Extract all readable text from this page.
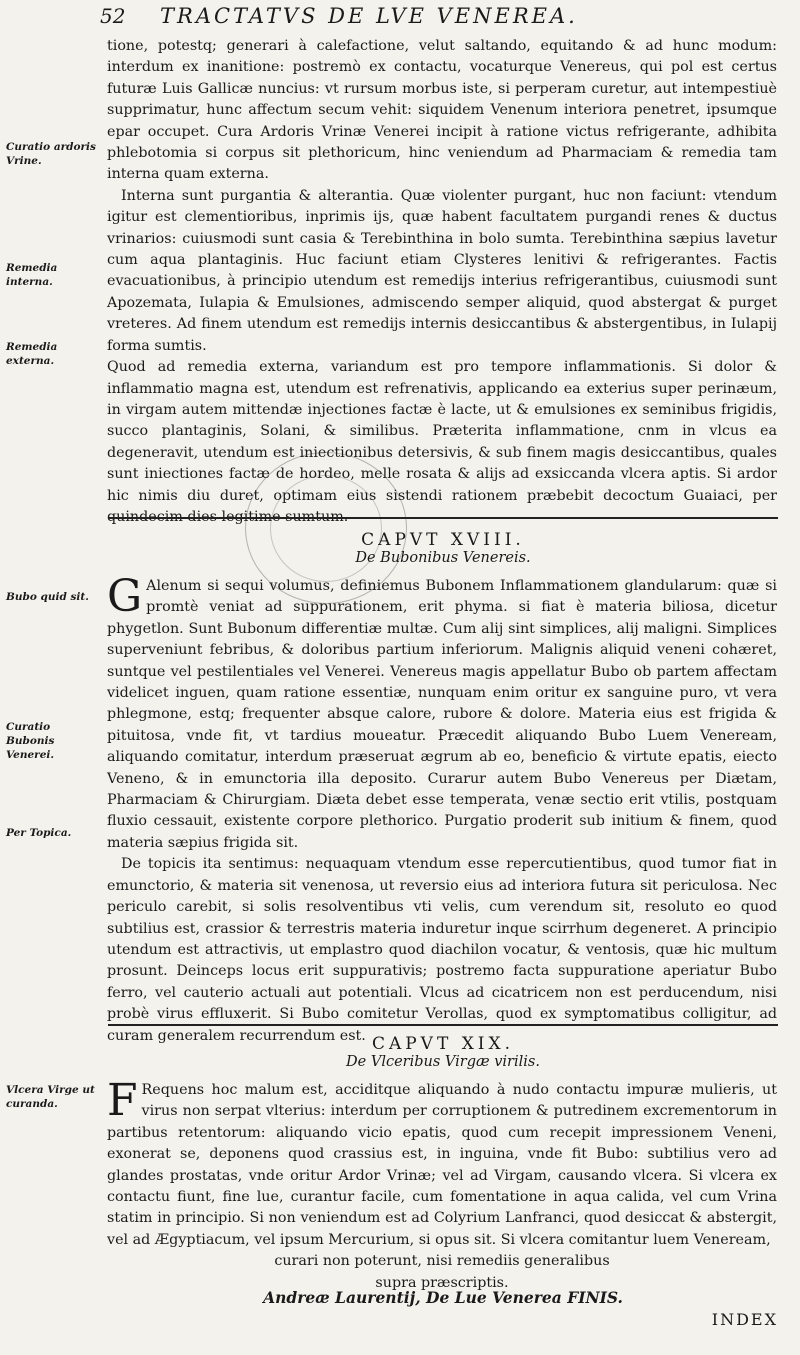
52 TRACTATVS DE LVE VENEREA.
Curatio ardoris Vrine.
Remedia interna.
Remedia externa.
Bubo quid sit.
Curatio Bubonis Venerei.
Per Topica.
Vlcera Virge ut curanda.

tione, potestq; generari à calefactione, velut saltando, equitando & ad hunc modum: interdum ex inanitione: postremò ex contactu, vocaturque Venereus, qui pol est certus futuræ Luis Gallicæ nuncius: vt rursum morbus iste, si perperam curetur, aut intempestiuè supprimatur, hunc affectum secum vehit: siquidem Venenum interiora penetret, ipsumque epar occupet. Cura Ardoris Vrinæ Venerei incipit à ratione victus refrigerante, adhibita phlebotomia si corpus sit plethoricum, hinc veniendum ad Pharmaciam & remedia tam interna quam externa.

Interna sunt purgantia & alterantia. Quæ violenter purgant, huc non faciunt: vtendum igitur est clementioribus, inprimis ijs, quæ habent facultatem purgandi renes & ductus vrinarios: cuiusmodi sunt casia & Terebinthina in bolo sumta. Terebinthina sæpius lavetur cum aqua plantaginis. Huc faciunt etiam Clysteres lenitivi & refrigerantes. Factis evacuationibus, à principio utendum est remedijs interius refrigerantibus, cuiusmodi sunt Apozemata, Iulapia & Emulsiones, admiscendo semper aliquid, quod abstergat & purget vreteres. Ad finem utendum est remedijs internis desiccantibus & abstergentibus, in Iulapij forma sumtis.

Quod ad remedia externa, variandum est pro tempore inflammationis. Si dolor & inflammatio magna est, utendum est refrenativis, applicando ea exterius super perinæum, in virgam autem mittendæ injectiones factæ è lacte, ut & emulsiones ex seminibus frigidis, succo plantaginis, Solani, & similibus. Præterita inflammatione, cnm in vlcus ea degeneravit, utendum est iniectionibus detersivis, & sub finem magis desiccantibus, quales sunt iniectiones factæ de hordeo, melle rosata & alijs ad exsiccanda vlcera aptis. Si ardor hic nimis diu duret, optimam eius sistendi rationem præbebit decoctum Guaiaci, per quindecim dies legitime sumtum.

CAPVT XVIII.
De Bubonibus Venereis.

G Alenum si sequi volumus, definiemus Bubonem Inflammationem glandularum: quæ si promtè veniat ad suppurationem, erit phyma. si fiat è materia biliosa, dicetur phygetlon. Sunt Bubonum differentiæ multæ. Cum alij sint simplices, alij maligni. Simplices superveniunt febribus, & doloribus partium inferiorum. Malignis aliquid veneni cohæret, suntque vel pestilentiales vel Venerei. Venereus magis appellatur Bubo ob partem affectam videlicet inguen, quam ratione essentiæ, nunquam enim oritur ex sanguine puro, vt vera phlegmone, estq; frequenter absque calore, rubore & dolore. Materia eius est frigida & pituitosa, vnde fit, vt tardius moueatur. Præcedit aliquando Bubo Luem Veneream, aliquando comitatur, interdum præseruat ægrum ab eo, beneficio & virtute epatis, eiecto Veneno, & in emunctoria illa deposito. Curarur autem Bubo Venereus per Diætam, Pharmaciam & Chirurgiam. Diæta debet esse temperata, venæ sectio erit vtilis, postquam fluxio cessauit, existente corpore plethorico. Purgatio proderit sub initium & finem, quod materia sæpius frigida sit.

De topicis ita sentimus: nequaquam vtendum esse repercutientibus, quod tumor fiat in emunctorio, & materia sit venenosa, ut reversio eius ad interiora futura sit periculosa. Nec periculo carebit, si solis resolventibus vti velis, cum verendum sit, resoluto eo quod subtilius est, crassior & terrestris materia induretur inque scirrhum degeneret. A principio utendum est attractivis, ut emplastro quod diachilon vocatur, & ventosis, quæ hic multum prosunt. Deinceps locus erit suppurativis; postremo facta suppuratione aperiatur Bubo ferro, vel cauterio actuali aut potentiali. Vlcus ad cicatricem non est perducendum, nisi probè virus effluxerit. Si Bubo comitetur Verollas, quod ex symptomatibus colligitur, ad curam generalem recurrendum est. CAPVT XIX.
De Vlceribus Virgæ virilis.

F Requens hoc malum est, acciditque aliquando à nudo contactu impuræ mulieris, ut virus non serpat vlterius: interdum per corruptionem & putredinem excrementorum in partibus retentorum: aliquando vicio epatis, quod cum recepit impressionem Veneni, exonerat se, deponens quod crassius est, in inguina, vnde fit Bubo: subtilius vero ad glandes prostatas, vnde oritur Ardor Vrinæ; vel ad Virgam, causando vlcera. Si vlcera ex contactu fiunt, fine lue, curantur facile, cum fomentatione in aqua calida, vel cum Vrina statim in principio. Si non veniendum est ad Colyrium Lanfranci, quod desiccat & abstergit, vel ad Ægyptiacum, vel ipsum Mercurium, si opus sit. Si vlcera comitantur luem Veneream,

curari non poterunt, nisi remediis generalibus

supra præscriptis.

Andreæ Laurentij, De Lue Venerea FINIS.
INDEX
